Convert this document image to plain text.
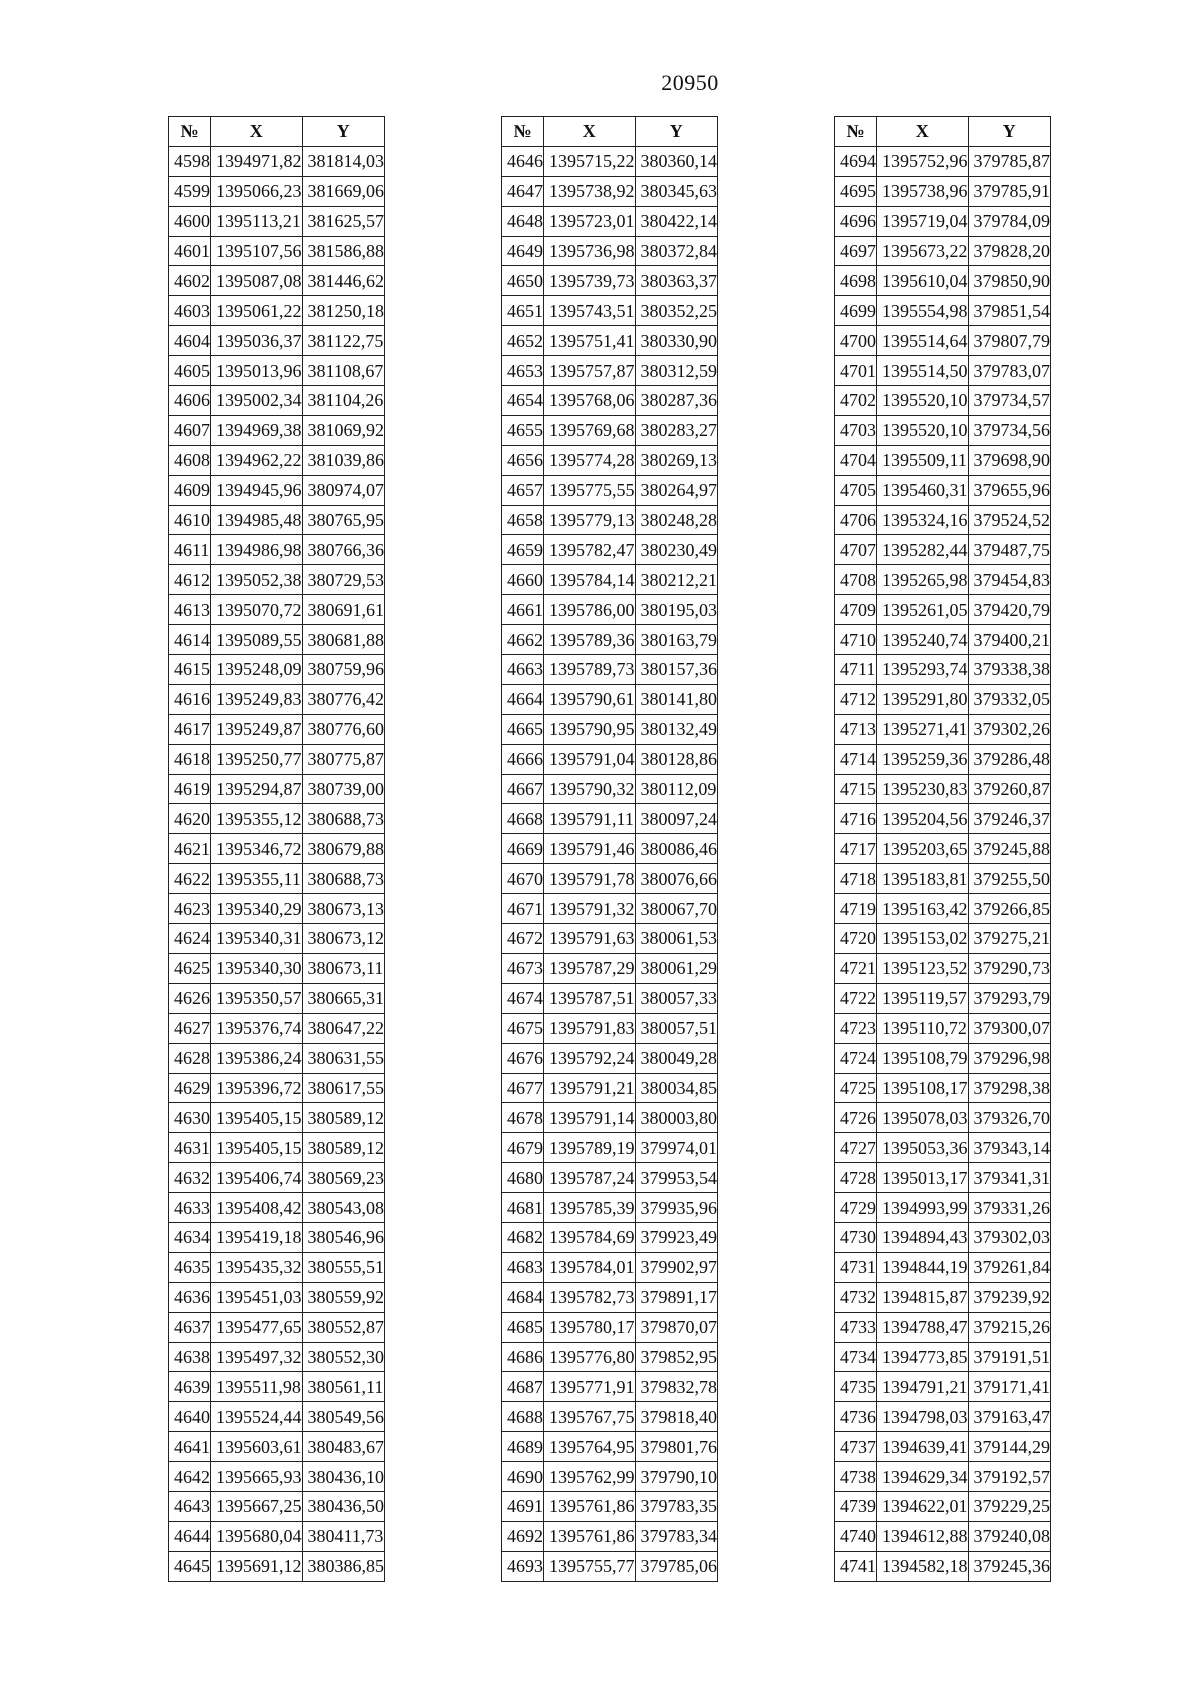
20950
№	X	Y
4598	1394971,82	381814,03
4599	1395066,23	381669,06
4600	1395113,21	381625,57
4601	1395107,56	381586,88
4602	1395087,08	381446,62
4603	1395061,22	381250,18
4604	1395036,37	381122,75
4605	1395013,96	381108,67
4606	1395002,34	381104,26
4607	1394969,38	381069,92
4608	1394962,22	381039,86
4609	1394945,96	380974,07
4610	1394985,48	380765,95
4611	1394986,98	380766,36
4612	1395052,38	380729,53
4613	1395070,72	380691,61
4614	1395089,55	380681,88
4615	1395248,09	380759,96
4616	1395249,83	380776,42
4617	1395249,87	380776,60
4618	1395250,77	380775,87
4619	1395294,87	380739,00
4620	1395355,12	380688,73
4621	1395346,72	380679,88
4622	1395355,11	380688,73
4623	1395340,29	380673,13
4624	1395340,31	380673,12
4625	1395340,30	380673,11
4626	1395350,57	380665,31
4627	1395376,74	380647,22
4628	1395386,24	380631,55
4629	1395396,72	380617,55
4630	1395405,15	380589,12
4631	1395405,15	380589,12
4632	1395406,74	380569,23
4633	1395408,42	380543,08
4634	1395419,18	380546,96
4635	1395435,32	380555,51
4636	1395451,03	380559,92
4637	1395477,65	380552,87
4638	1395497,32	380552,30
4639	1395511,98	380561,11
4640	1395524,44	380549,56
4641	1395603,61	380483,67
4642	1395665,93	380436,10
4643	1395667,25	380436,50
4644	1395680,04	380411,73
4645	1395691,12	380386,85
№	X	Y
4646	1395715,22	380360,14
4647	1395738,92	380345,63
4648	1395723,01	380422,14
4649	1395736,98	380372,84
4650	1395739,73	380363,37
4651	1395743,51	380352,25
4652	1395751,41	380330,90
4653	1395757,87	380312,59
4654	1395768,06	380287,36
4655	1395769,68	380283,27
4656	1395774,28	380269,13
4657	1395775,55	380264,97
4658	1395779,13	380248,28
4659	1395782,47	380230,49
4660	1395784,14	380212,21
4661	1395786,00	380195,03
4662	1395789,36	380163,79
4663	1395789,73	380157,36
4664	1395790,61	380141,80
4665	1395790,95	380132,49
4666	1395791,04	380128,86
4667	1395790,32	380112,09
4668	1395791,11	380097,24
4669	1395791,46	380086,46
4670	1395791,78	380076,66
4671	1395791,32	380067,70
4672	1395791,63	380061,53
4673	1395787,29	380061,29
4674	1395787,51	380057,33
4675	1395791,83	380057,51
4676	1395792,24	380049,28
4677	1395791,21	380034,85
4678	1395791,14	380003,80
4679	1395789,19	379974,01
4680	1395787,24	379953,54
4681	1395785,39	379935,96
4682	1395784,69	379923,49
4683	1395784,01	379902,97
4684	1395782,73	379891,17
4685	1395780,17	379870,07
4686	1395776,80	379852,95
4687	1395771,91	379832,78
4688	1395767,75	379818,40
4689	1395764,95	379801,76
4690	1395762,99	379790,10
4691	1395761,86	379783,35
4692	1395761,86	379783,34
4693	1395755,77	379785,06
№	X	Y
4694	1395752,96	379785,87
4695	1395738,96	379785,91
4696	1395719,04	379784,09
4697	1395673,22	379828,20
4698	1395610,04	379850,90
4699	1395554,98	379851,54
4700	1395514,64	379807,79
4701	1395514,50	379783,07
4702	1395520,10	379734,57
4703	1395520,10	379734,56
4704	1395509,11	379698,90
4705	1395460,31	379655,96
4706	1395324,16	379524,52
4707	1395282,44	379487,75
4708	1395265,98	379454,83
4709	1395261,05	379420,79
4710	1395240,74	379400,21
4711	1395293,74	379338,38
4712	1395291,80	379332,05
4713	1395271,41	379302,26
4714	1395259,36	379286,48
4715	1395230,83	379260,87
4716	1395204,56	379246,37
4717	1395203,65	379245,88
4718	1395183,81	379255,50
4719	1395163,42	379266,85
4720	1395153,02	379275,21
4721	1395123,52	379290,73
4722	1395119,57	379293,79
4723	1395110,72	379300,07
4724	1395108,79	379296,98
4725	1395108,17	379298,38
4726	1395078,03	379326,70
4727	1395053,36	379343,14
4728	1395013,17	379341,31
4729	1394993,99	379331,26
4730	1394894,43	379302,03
4731	1394844,19	379261,84
4732	1394815,87	379239,92
4733	1394788,47	379215,26
4734	1394773,85	379191,51
4735	1394791,21	379171,41
4736	1394798,03	379163,47
4737	1394639,41	379144,29
4738	1394629,34	379192,57
4739	1394622,01	379229,25
4740	1394612,88	379240,08
4741	1394582,18	379245,36
